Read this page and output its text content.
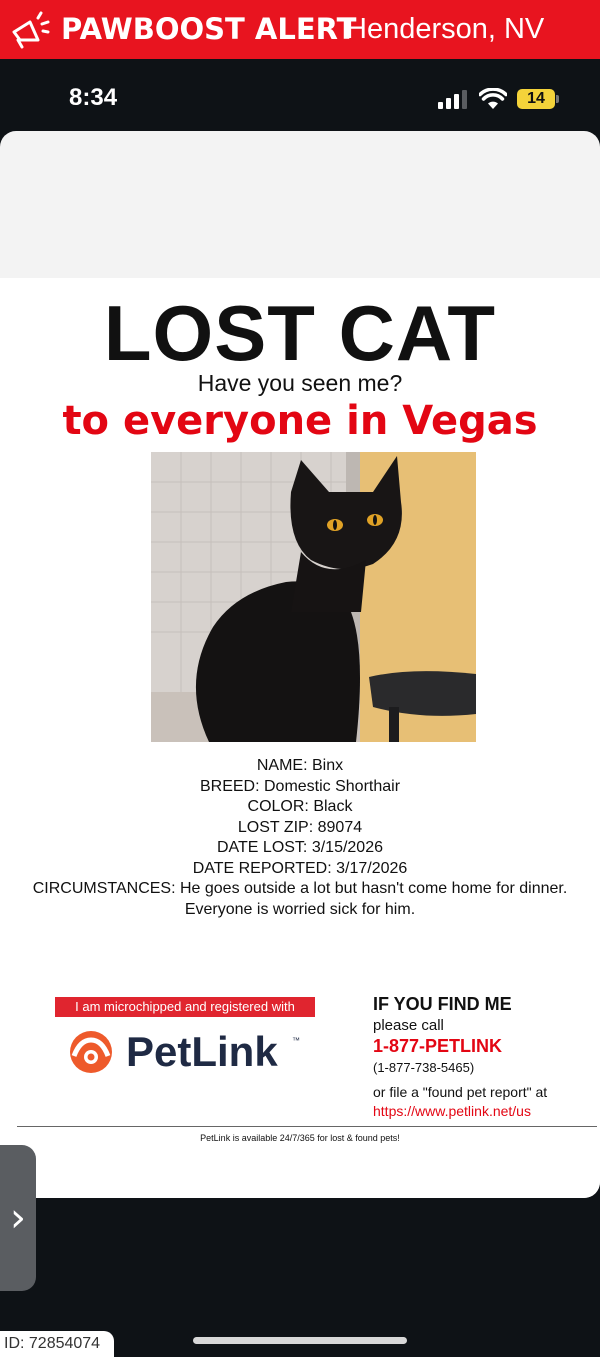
PAWBOOST ALERT
Henderson, NV
8:34	14
LOST CAT
Have you seen me?
to everyone in Vegas
NAME: Binx
BREED: Domestic Shorthair
COLOR: Black
LOST ZIP: 89074
DATE LOST: 3/15/2026
DATE REPORTED: 3/17/2026
CIRCUMSTANCES: He goes outside a lot but hasn't come home for dinner.
Everyone is worried sick for him.
I am microchipped and registered with
PetLink ™
IF YOU FIND ME
please call
1-877-PETLINK
(1-877-738-5465)
or file a "found pet report" at
https://www.petlink.net/us
PetLink is available 24/7/365 for lost & found pets!
›
ID: 72854074
